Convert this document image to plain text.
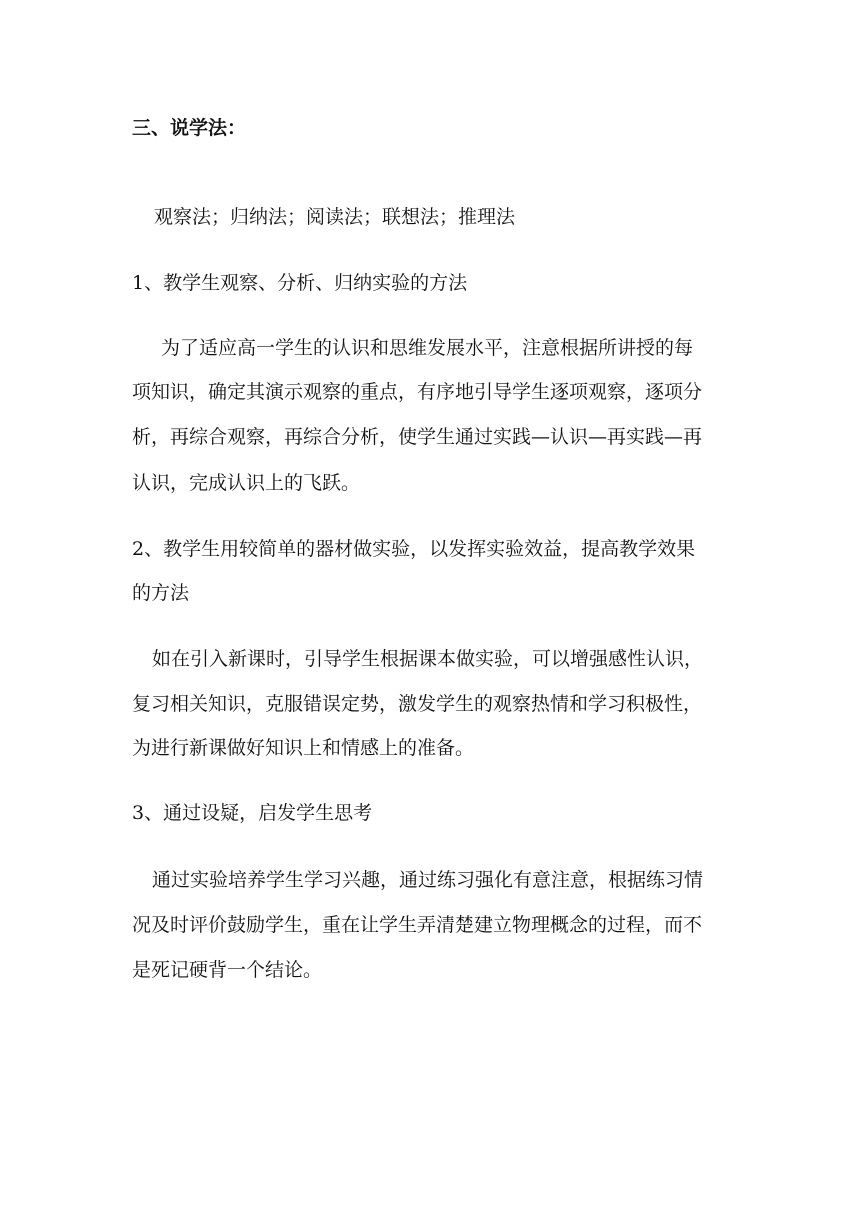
三、说学法：
观察法；归纳法；阅读法；联想法；推理法
1、教学生观察、分析、归纳实验的方法
为了适应高一学生的认识和思维发展水平，注意根据所讲授的每
项知识，确定其演示观察的重点，有序地引导学生逐项观察，逐项分
析，再综合观察，再综合分析，使学生通过实践—认识—再实践—再
认识，完成认识上的飞跃。
2、教学生用较简单的器材做实验，以发挥实验效益，提高教学效果
的方法
如在引入新课时，引导学生根据课本做实验，可以增强感性认识，
复习相关知识，克服错误定势，激发学生的观察热情和学习积极性，
为进行新课做好知识上和情感上的准备。
3、通过设疑，启发学生思考
通过实验培养学生学习兴趣，通过练习强化有意注意，根据练习情
况及时评价鼓励学生，重在让学生弄清楚建立物理概念的过程，而不
是死记硬背一个结论。
